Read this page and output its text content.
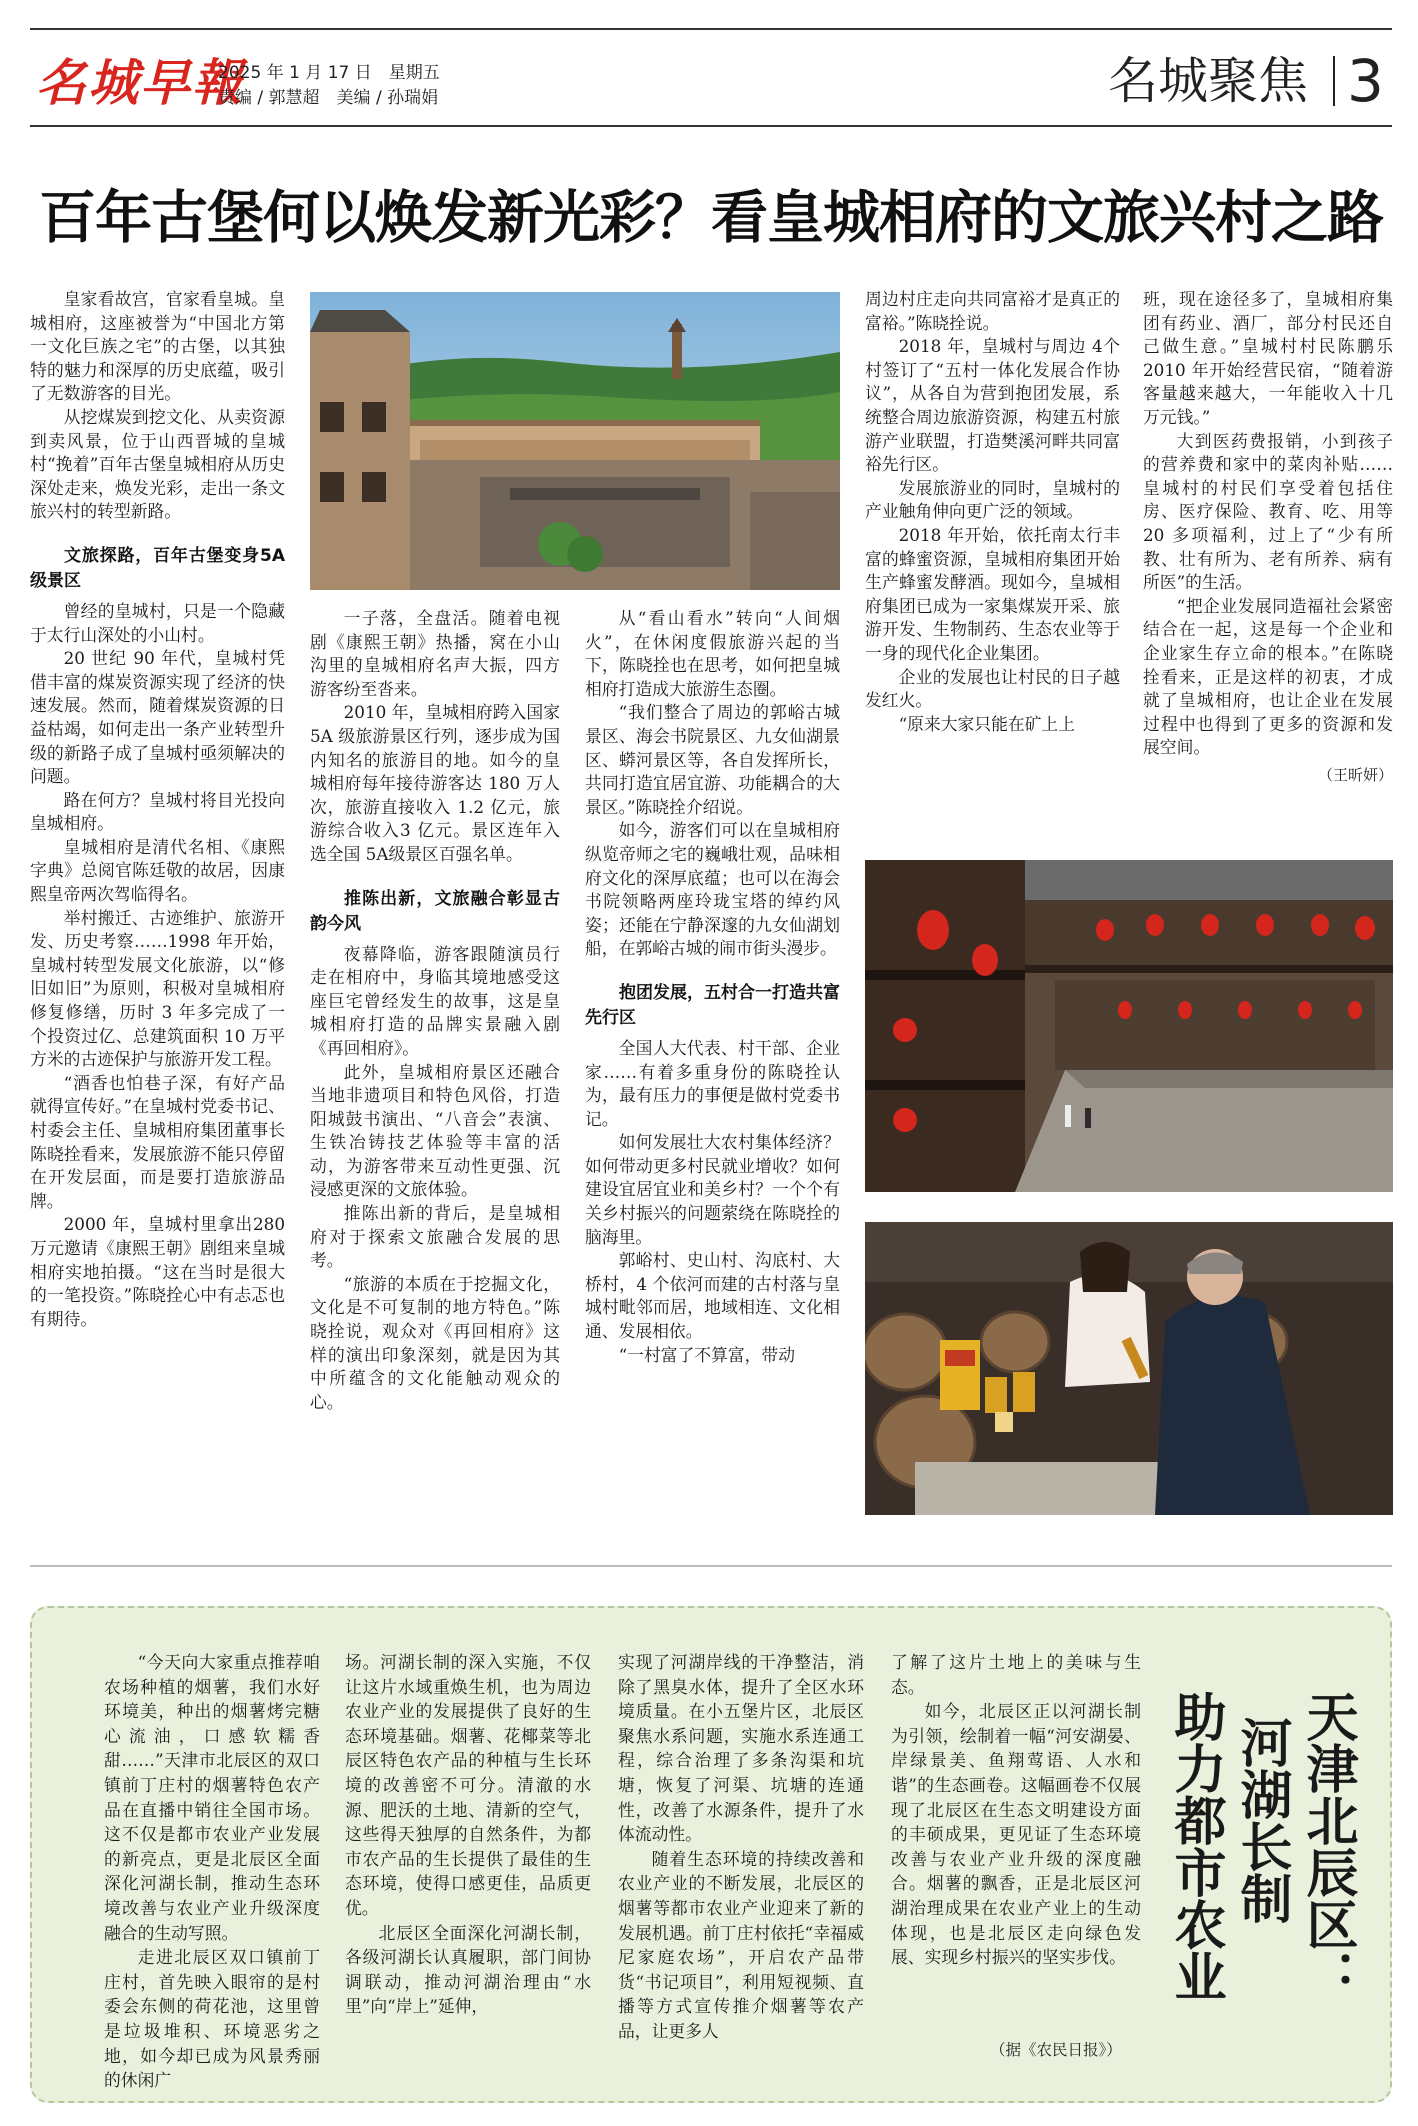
名城早報
2025 年 1 月 17 日　星期五
责编 / 郭慧超　美编 / 孙瑞娟	名城聚焦 3
百年古堡何以焕发新光彩？看皇城相府的文旅兴村之路

皇家看故宫，官家看皇城。皇城相府，这座被誉为“中国北方第一文化巨族之宅”的古堡，以其独特的魅力和深厚的历史底蕴，吸引了无数游客的目光。

从挖煤炭到挖文化、从卖资源到卖风景，位于山西晋城的皇城村“挽着”百年古堡皇城相府从历史深处走来，焕发光彩，走出一条文旅兴村的转型新路。

文旅探路，百年古堡变身5A 级景区

曾经的皇城村，只是一个隐藏于太行山深处的小山村。

20 世纪 90 年代，皇城村凭借丰富的煤炭资源实现了经济的快速发展。然而，随着煤炭资源的日益枯竭，如何走出一条产业转型升级的新路子成了皇城村亟须解决的问题。

路在何方？皇城村将目光投向皇城相府。

皇城相府是清代名相、《康熙字典》总阅官陈廷敬的故居，因康熙皇帝两次驾临得名。

举村搬迁、古迹维护、旅游开发、历史考察……1998 年开始，皇城村转型发展文化旅游，以“修旧如旧”为原则，积极对皇城相府修复修缮，历时 3 年多完成了一个投资过亿、总建筑面积 10 万平方米的古迹保护与旅游开发工程。

“酒香也怕巷子深，有好产品就得宣传好。”在皇城村党委书记、村委会主任、皇城相府集团董事长陈晓拴看来，发展旅游不能只停留在开发层面，而是要打造旅游品牌。

2000 年，皇城村里拿出280 万元邀请《康熙王朝》剧组来皇城相府实地拍摄。“这在当时是很大的一笔投资。”陈晓拴心中有忐忑也有期待。

一子落，全盘活。随着电视剧《康熙王朝》热播，窝在小山沟里的皇城相府名声大振，四方游客纷至沓来。

2010 年，皇城相府跨入国家 5A 级旅游景区行列，逐步成为国内知名的旅游目的地。如今的皇城相府每年接待游客达 180 万人次，旅游直接收入 1.2 亿元，旅游综合收入3 亿元。景区连年入选全国 5A级景区百强名单。

推陈出新，文旅融合彰显古韵今风

夜幕降临，游客跟随演员行走在相府中，身临其境地感受这座巨宅曾经发生的故事，这是皇城相府打造的品牌实景融入剧《再回相府》。

此外，皇城相府景区还融合当地非遗项目和特色风俗，打造阳城鼓书演出、“八音会”表演、生铁冶铸技艺体验等丰富的活动，为游客带来互动性更强、沉浸感更深的文旅体验。

推陈出新的背后，是皇城相府对于探索文旅融合发展的思考。

“旅游的本质在于挖掘文化，文化是不可复制的地方特色。”陈晓拴说，观众对《再回相府》这样的演出印象深刻，就是因为其中所蕴含的文化能触动观众的心。

从“看山看水”转向“人间烟火”，在休闲度假旅游兴起的当下，陈晓拴也在思考，如何把皇城相府打造成大旅游生态圈。

“我们整合了周边的郭峪古城景区、海会书院景区、九女仙湖景区、蟒河景区等，各自发挥所长，共同打造宜居宜游、功能耦合的大景区。”陈晓拴介绍说。

如今，游客们可以在皇城相府纵览帝师之宅的巍峨壮观，品味相府文化的深厚底蕴；也可以在海会书院领略两座玲珑宝塔的绰约风姿；还能在宁静深邃的九女仙湖划船，在郭峪古城的闹市街头漫步。

抱团发展，五村合一打造共富先行区

全国人大代表、村干部、企业家……有着多重身份的陈晓拴认为，最有压力的事便是做村党委书记。

如何发展壮大农村集体经济？如何带动更多村民就业增收？如何建设宜居宜业和美乡村？一个个有关乡村振兴的问题萦绕在陈晓拴的脑海里。

郭峪村、史山村、沟底村、大桥村，4 个依河而建的古村落与皇城村毗邻而居，地域相连、文化相通、发展相依。

“一村富了不算富，带动

周边村庄走向共同富裕才是真正的富裕。”陈晓拴说。

2018 年，皇城村与周边 4个村签订了“五村一体化发展合作协议”，从各自为营到抱团发展，系统整合周边旅游资源，构建五村旅游产业联盟，打造樊溪河畔共同富裕先行区。

发展旅游业的同时，皇城村的产业触角伸向更广泛的领域。

2018 年开始，依托南太行丰富的蜂蜜资源，皇城相府集团开始生产蜂蜜发酵酒。现如今，皇城相府集团已成为一家集煤炭开采、旅游开发、生物制药、生态农业等于一身的现代化企业集团。

企业的发展也让村民的日子越发红火。

“原来大家只能在矿上上

班，现在途径多了，皇城相府集团有药业、酒厂，部分村民还自己做生意。”皇城村村民陈鹏乐 2010 年开始经营民宿，“随着游客量越来越大，一年能收入十几万元钱。”

大到医药费报销，小到孩子的营养费和家中的菜肉补贴……皇城村的村民们享受着包括住房、医疗保险、教育、吃、用等 20 多项福利，过上了“少有所教、壮有所为、老有所养、病有所医”的生活。

“把企业发展同造福社会紧密结合在一起，这是每一个企业和企业家生存立命的根本。”在陈晓拴看来，正是这样的初衷，才成就了皇城相府，也让企业在发展过程中也得到了更多的资源和发展空间。

（王昕妍）

“今天向大家重点推荐咱农场种植的烟薯，我们水好环境美，种出的烟薯烤完糖心流油，口感软糯香甜……”天津市北辰区的双口镇前丁庄村的烟薯特色农产品在直播中销往全国市场。这不仅是都市农业产业发展的新亮点，更是北辰区全面深化河湖长制，推动生态环境改善与农业产业升级深度融合的生动写照。

走进北辰区双口镇前丁庄村，首先映入眼帘的是村委会东侧的荷花池，这里曾是垃圾堆积、环境恶劣之地，如今却已成为风景秀丽的休闲广

场。河湖长制的深入实施，不仅让这片水域重焕生机，也为周边农业产业的发展提供了良好的生态环境基础。烟薯、花椰菜等北辰区特色农产品的种植与生长环境的改善密不可分。清澈的水源、肥沃的土地、清新的空气，这些得天独厚的自然条件，为都市农产品的生长提供了最佳的生态环境，使得口感更佳，品质更优。

北辰区全面深化河湖长制，各级河湖长认真履职，部门间协调联动，推动河湖治理由“水里”向“岸上”延伸，

实现了河湖岸线的干净整洁，消除了黑臭水体，提升了全区水环境质量。在小五堡片区，北辰区聚焦水系问题，实施水系连通工程，综合治理了多条沟渠和坑塘，恢复了河渠、坑塘的连通性，改善了水源条件，提升了水体流动性。

随着生态环境的持续改善和农业产业的不断发展，北辰区的烟薯等都市农业产业迎来了新的发展机遇。前丁庄村依托“幸福威尼家庭农场”，开启农产品带货“书记项目”，利用短视频、直播等方式宣传推介烟薯等农产品，让更多人

了解了这片土地上的美味与生态。

如今，北辰区正以河湖长制为引领，绘制着一幅“河安湖晏、岸绿景美、鱼翔莺语、人水和谐”的生态画卷。这幅画卷不仅展现了北辰区在生态文明建设方面的丰硕成果，更见证了生态环境改善与农业产业升级的深度融合。烟薯的飘香，正是北辰区河湖治理成果在农业产业上的生动体现，也是北辰区走向绿色发展、实现乡村振兴的坚实步伐。

（据《农民日报》）
天津北辰区：
河湖长制
助力都市农业
